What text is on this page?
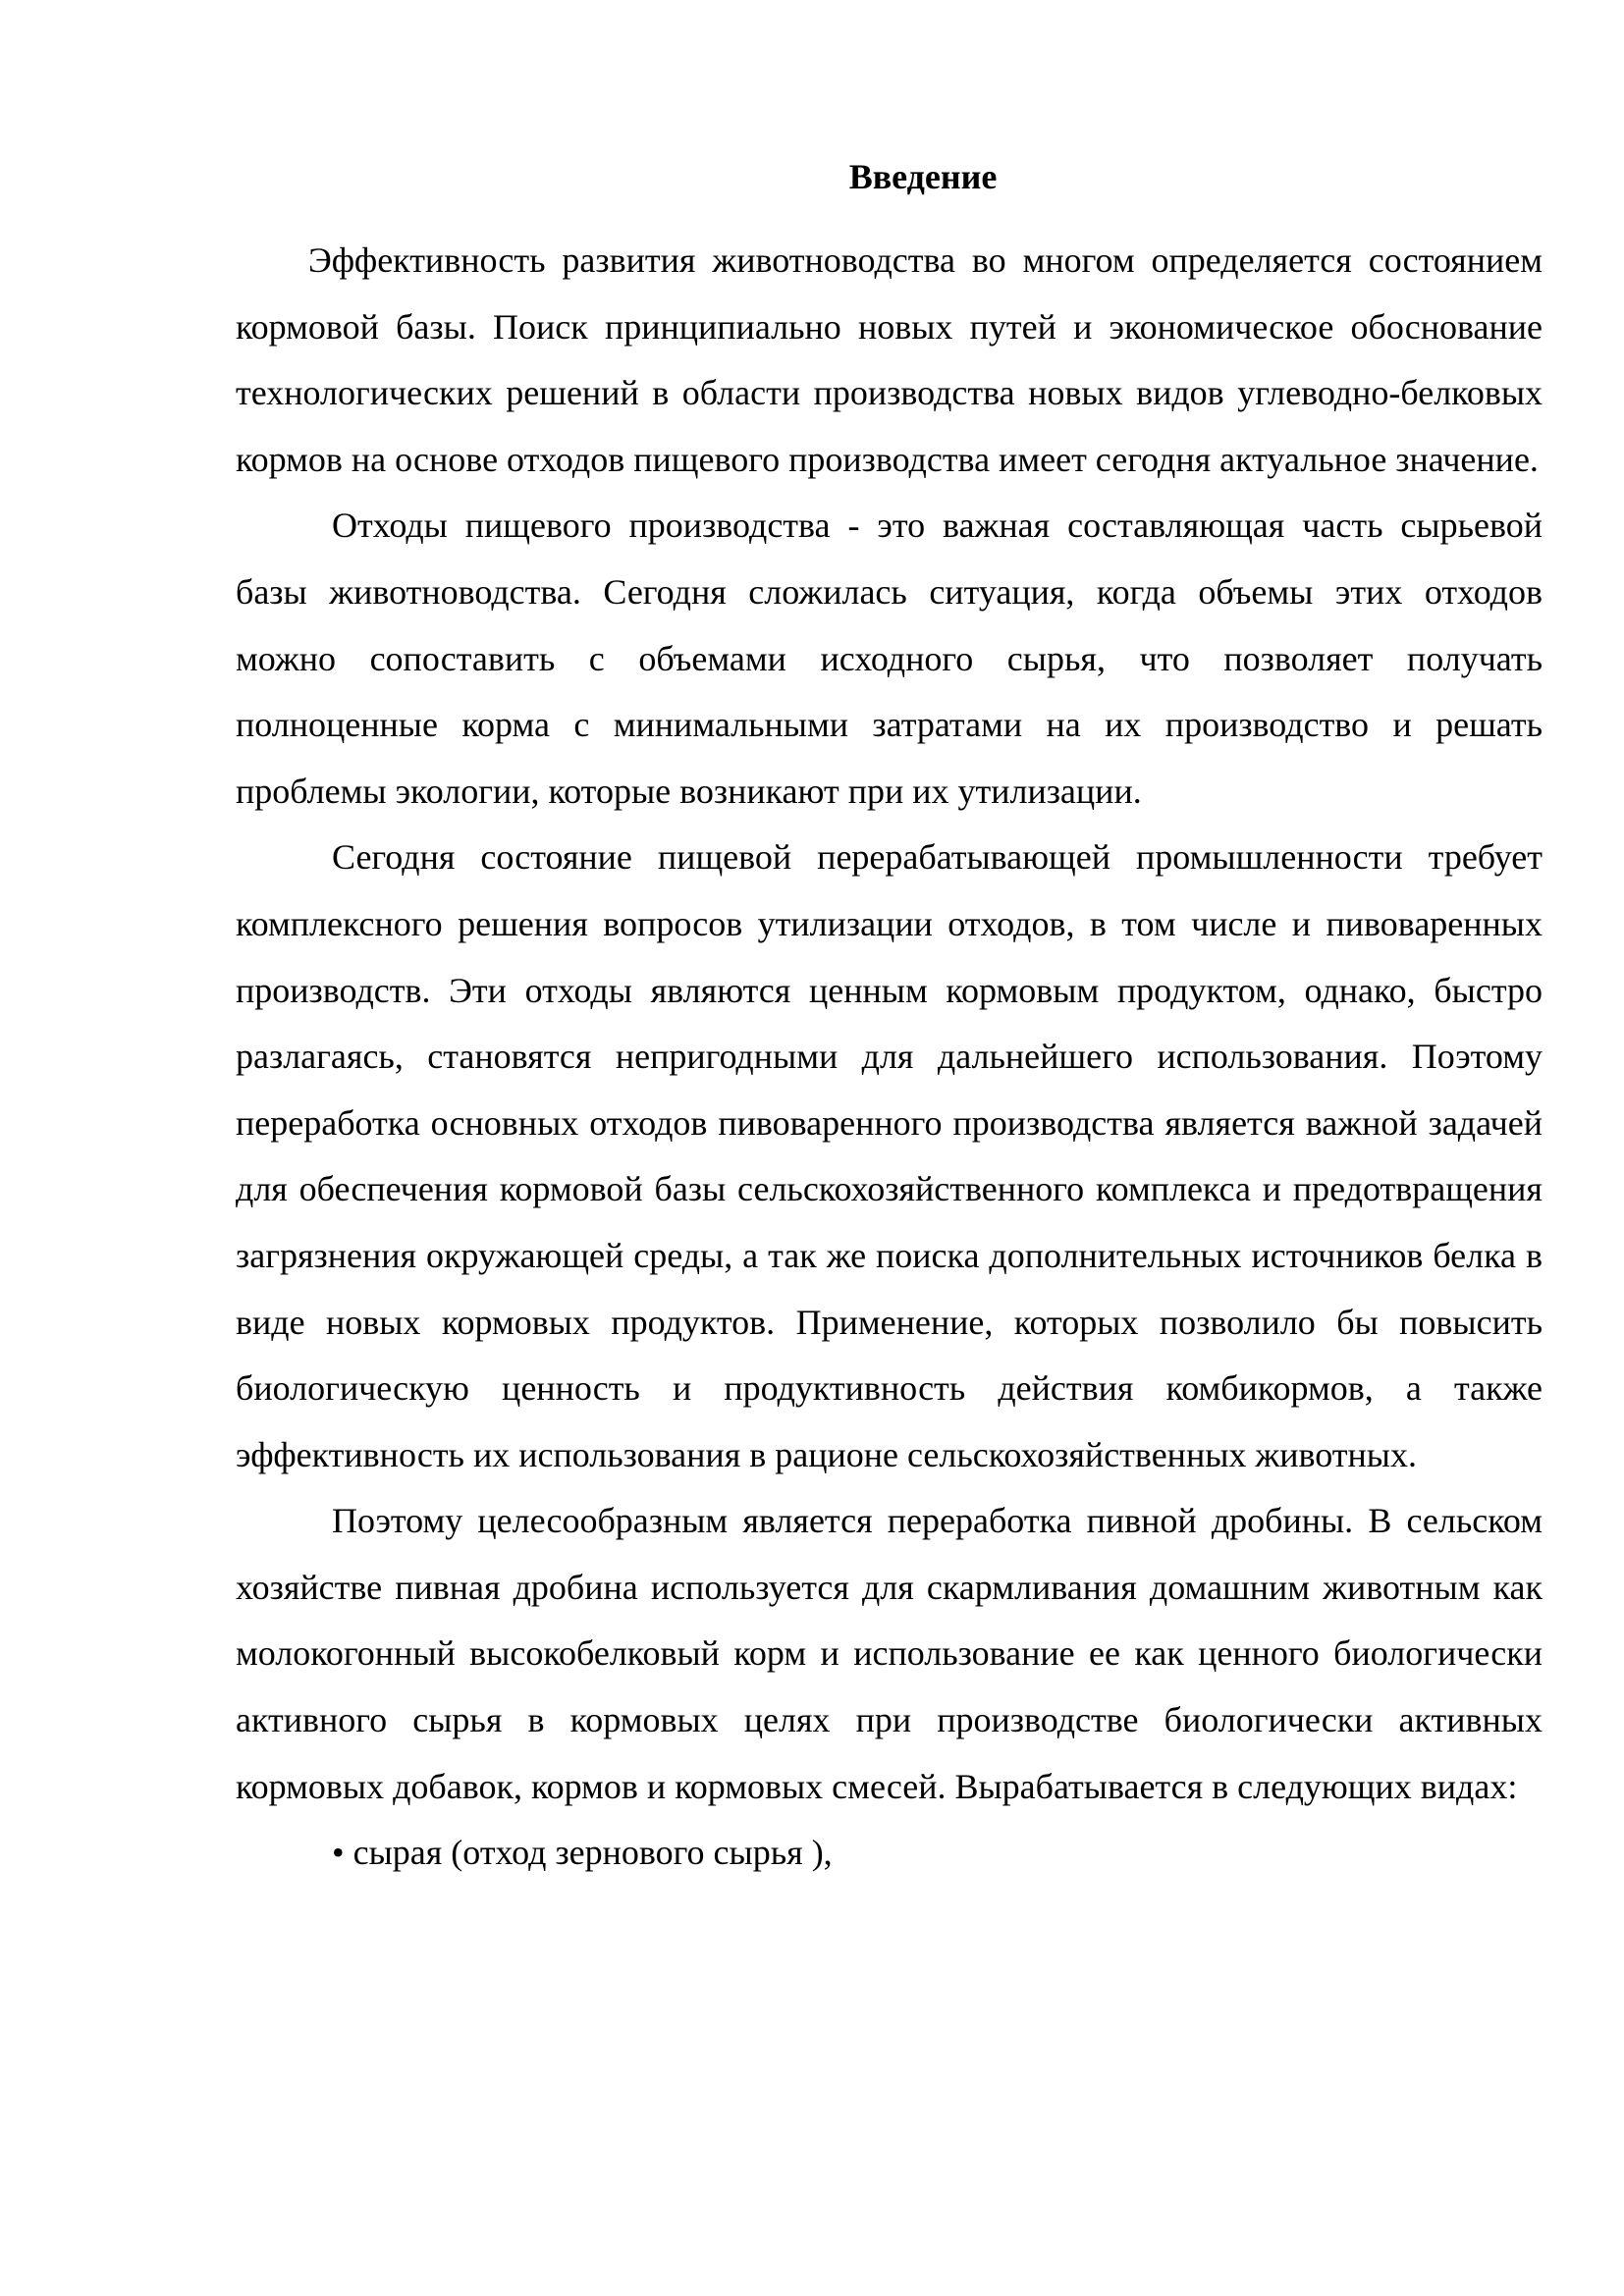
Введение

Эффективность развития животноводства во многом определяется состоянием кормовой базы. Поиск принципиально новых путей и экономическое обоснование технологических решений в области производства новых видов углеводно-белковых кормов на основе отходов пищевого производства имеет сегодня актуальное значение.

Отходы пищевого производства - это важная составляющая часть сырьевой базы животноводства. Сегодня сложилась ситуация, когда объемы этих отходов можно сопоставить с объемами исходного сырья, что позволяет получать полноценные корма с минимальными затратами на их производство и решать проблемы экологии, которые возникают при их утилизации.

Сегодня состояние пищевой перерабатывающей промышленности требует комплексного решения вопросов утилизации отходов, в том числе и пивоваренных производств. Эти отходы являются ценным кормовым продуктом, однако, быстро разлагаясь, становятся непригодными для дальнейшего использования. Поэтому переработка основных отходов пивоваренного производства является важной задачей для обеспечения кормовой базы сельскохозяйственного комплекса и предотвращения загрязнения окружающей среды, а так же поиска дополнительных источников белка в виде новых кормовых продуктов. Применение, которых позволило бы повысить биологическую ценность и продуктивность действия комбикормов, а также эффективность их использования в рационе сельскохозяйственных животных.

Поэтому целесообразным является переработка пивной дробины. В сельском хозяйстве пивная дробина используется для скармливания домашним животным как молокогонный высокобелковый корм и использование ее как ценного биологически активного сырья в кормовых целях при производстве биологически активных кормовых добавок, кормов и кормовых смесей. Вырабатывается в следующих видах:

• сырая (отход зернового сырья ),
